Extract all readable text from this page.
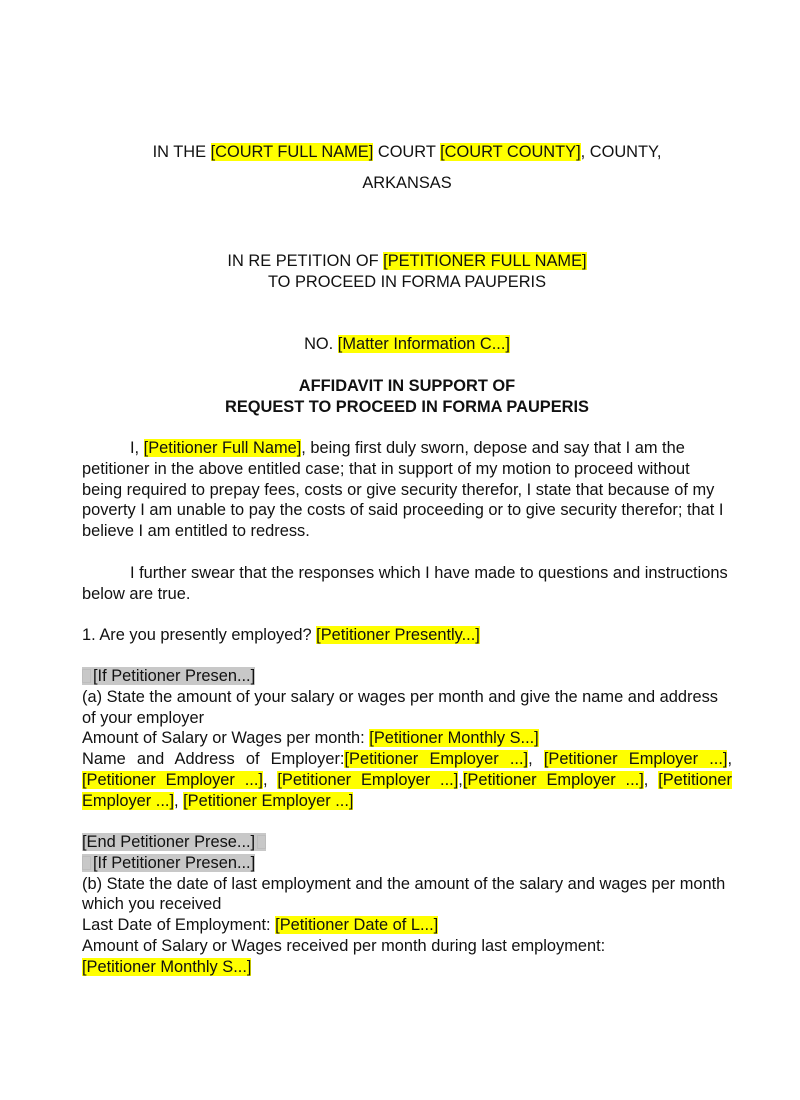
IN THE [COURT FULL NAME] COURT [COURT COUNTY], COUNTY,
ARKANSAS
IN RE PETITION OF [PETITIONER FULL NAME]
TO PROCEED IN FORMA PAUPERIS
NO. [Matter Information C...]
AFFIDAVIT IN SUPPORT OF
REQUEST TO PROCEED IN FORMA PAUPERIS
I, [Petitioner Full Name], being first duly sworn, depose and say that I am the petitioner in the above entitled case; that in support of my motion to proceed without being required to prepay fees, costs or give security therefor, I state that because of my poverty I am unable to pay the costs of said proceeding or to give security therefor; that I believe I am entitled to redress.
I further swear that the responses which I have made to questions and instructions below are true.
1. Are you presently employed? [Petitioner Presently...]
[If Petitioner Presen...]
(a) State the amount of your salary or wages per month and give the name and address of your employer
Amount of Salary or Wages per month: [Petitioner Monthly S...]
Name and Address of Employer:[Petitioner Employer ...], [Petitioner Employer ...], [Petitioner Employer ...], [Petitioner Employer ...],[Petitioner Employer ...], [Petitioner Employer ...], [Petitioner Employer ...]
[End Petitioner Prese...]
[If Petitioner Presen...]
(b) State the date of last employment and the amount of the salary and wages per month which you received
Last Date of Employment: [Petitioner Date of L...]
Amount of Salary or Wages received per month during last employment:
[Petitioner Monthly S...]
